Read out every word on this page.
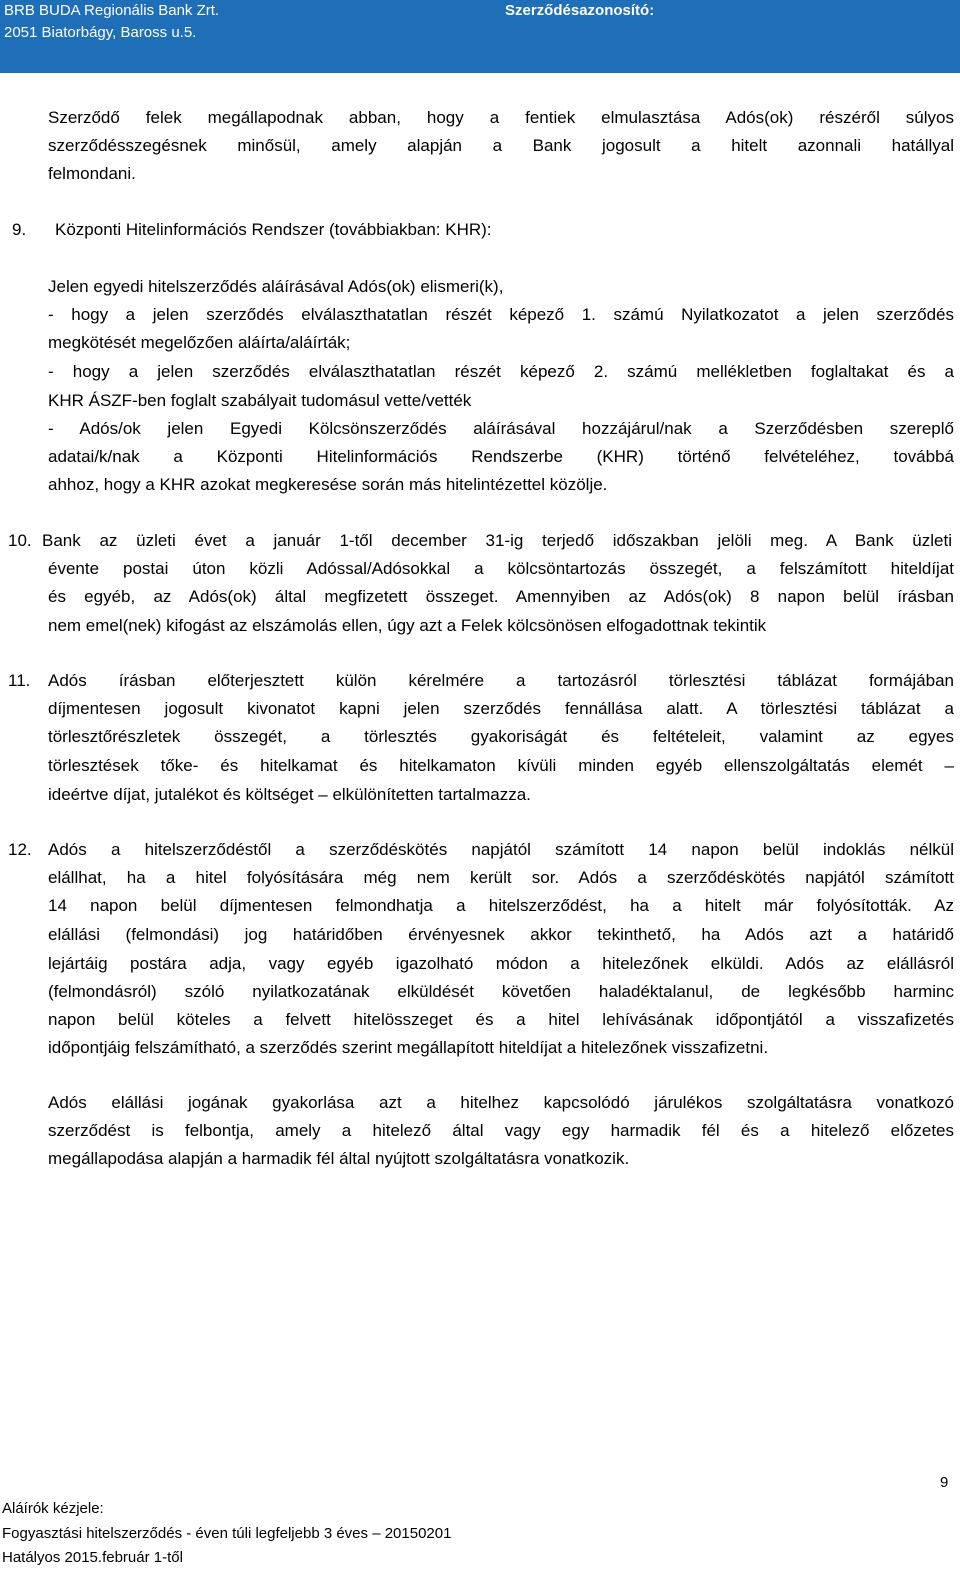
BRB BUDA Regionális Bank Zrt.
2051 Biatorbágy, Baross u.5.
Szerződésazonosító:
Szerződő felek megállapodnak abban, hogy a fentiek elmulasztása Adós(ok) részéről súlyos
szerződésszegésnek minősül, amely alapján a Bank jogosult a hitelt azonnali hatállyal
felmondani.
9. Központi Hitelinformációs Rendszer (továbbiakban: KHR):
Jelen egyedi hitelszerződés aláírásával Adós(ok) elismeri(k),
- hogy a jelen szerződés elválaszthatatlan részét képező 1. számú Nyilatkozatot a jelen szerződés
megkötését megelőzően aláírta/aláírták;
- hogy a jelen szerződés elválaszthatatlan részét képező 2. számú mellékletben foglaltakat és a
KHR ÁSZF-ben foglalt szabályait tudomásul vette/vették
- Adós/ok jelen Egyedi Kölcsönszerződés aláírásával hozzájárul/nak a Szerződésben szereplő
adatai/k/nak a Központi Hitelinformációs Rendszerbe (KHR) történő felvételéhez, továbbá
ahhoz, hogy a KHR azokat megkeresése során más hitelintézettel közölje.
10. Bank az üzleti évet a január 1-től december 31-ig terjedő időszakban jelöli meg. A Bank üzleti
évente postai úton közli Adóssal/Adósokkal a kölcsöntartozás összegét, a felszámított hiteldíjat
és egyéb, az Adós(ok) által megfizetett összeget. Amennyiben az Adós(ok) 8 napon belül írásban
nem emel(nek) kifogást az elszámolás ellen, úgy azt a Felek kölcsönösen elfogadottnak tekintik
11. Adós írásban előterjesztett külön kérelmére a tartozásról törlesztési táblázat formájában
díjmentesen jogosult kivonatot kapni jelen szerződés fennállása alatt. A törlesztési táblázat a
törlesztőrészletek összegét, a törlesztés gyakoriságát és feltételeit, valamint az egyes
törlesztések tőke- és hitelkamat és hitelkamaton kívüli minden egyéb ellenszolgáltatás elemét –
ideértve díjat, jutalékot és költséget – elkülönítetten tartalmazza.
12. Adós a hitelszerződéstől a szerződéskötés napjától számított 14 napon belül indoklás nélkül
elállhat, ha a hitel folyósítására még nem került sor. Adós a szerződéskötés napjától számított
14 napon belül díjmentesen felmondhatja a hitelszerződést, ha a hitelt már folyósították. Az
elállási (felmondási) jog határidőben érvényesnek akkor tekinthető, ha Adós azt a határidő
lejártáig postára adja, vagy egyéb igazolható módon a hitelezőnek elküldi. Adós az elállásról
(felmondásról) szóló nyilatkozatának elküldését követően haladéktalanul, de legkésőbb harminc
napon belül köteles a felvett hitelösszeget és a hitel lehívásának időpontjától a visszafizetés
időpontjáig felszámítható, a szerződés szerint megállapított hiteldíjat a hitelezőnek visszafizetni.
Adós elállási jogának gyakorlása azt a hitelhez kapcsolódó járulékos szolgáltatásra vonatkozó
szerződést is felbontja, amely a hitelező által vagy egy harmadik fél és a hitelező előzetes
megállapodása alapján a harmadik fél által nyújtott szolgáltatásra vonatkozik.
9
Aláírók kézjele:
Fogyasztási hitelszerződés - éven túli legfeljebb 3 éves – 20150201
Hatályos 2015.február 1-től
